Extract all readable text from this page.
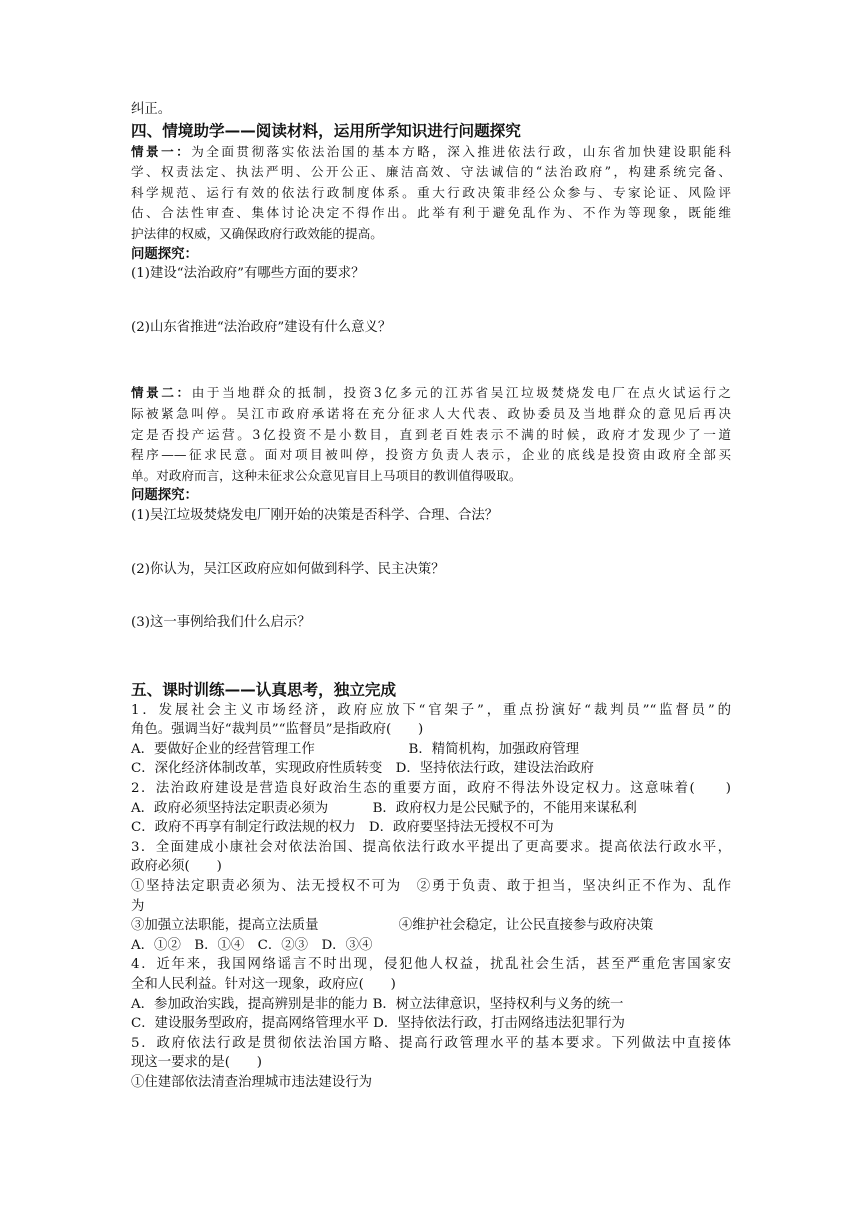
纠正。

四、情境助学——阅读材料，运用所学知识进行问题探究

情景一：为全面贯彻落实依法治国的基本方略，深入推进依法行政，山东省加快建设职能科

学、权责法定、执法严明、公开公正、廉洁高效、守法诚信的“法治政府”，构建系统完备、

科学规范、运行有效的依法行政制度体系。重大行政决策非经公众参与、专家论证、风险评

估、合法性审查、集体讨论决定不得作出。此举有利于避免乱作为、不作为等现象，既能维

护法律的权威，又确保政府行政效能的提高。

问题探究：

(1)建设“法治政府”有哪些方面的要求？

(2)山东省推进“法治政府”建设有什么意义？

情景二：由于当地群众的抵制，投资3亿多元的江苏省吴江垃圾焚烧发电厂在点火试运行之

际被紧急叫停。吴江市政府承诺将在充分征求人大代表、政协委员及当地群众的意见后再决

定是否投产运营。3亿投资不是小数目，直到老百姓表示不满的时候，政府才发现少了一道

程序——征求民意。面对项目被叫停，投资方负责人表示，企业的底线是投资由政府全部买

单。对政府而言，这种未征求公众意见盲目上马项目的教训值得吸取。

问题探究：

(1)吴江垃圾焚烧发电厂刚开始的决策是否科学、合理、合法？

(2)你认为，吴江区政府应如何做到科学、民主决策？

(3)这一事例给我们什么启示？

五、课时训练——认真思考，独立完成

1．发展社会主义市场经济，政府应放下“官架子”，重点扮演好“裁判员”“监督员”的

角色。强调当好“裁判员”“监督员”是指政府(　　)

A．要做好企业的经营管理工作　　　　　　　B．精简机构，加强政府管理

C．深化经济体制改革，实现政府性质转变　D．坚持依法行政，建设法治政府

2．法治政府建设是营造良好政治生态的重要方面，政府不得法外设定权力。这意味着(　　)

A．政府必须坚持法定职责必须为　　　 B．政府权力是公民赋予的，不能用来谋私利

C．政府不再享有制定行政法规的权力　D．政府要坚持法无授权不可为

3．全面建成小康社会对依法治国、提高依法行政水平提出了更高要求。提高依法行政水平，

政府必须(　　)

①坚持法定职责必须为、法无授权不可为　②勇于负责、敢于担当，坚决纠正不作为、乱作

为

③加强立法职能，提高立法质量　　　　　　④维护社会稳定，让公民直接参与政府决策

A．①②　B．①④　C．②③　D．③④

4．近年来，我国网络谣言不时出现，侵犯他人权益，扰乱社会生活，甚至严重危害国家安

全和人民利益。针对这一现象，政府应(　　)

A．参加政治实践，提高辨别是非的能力 B．树立法律意识，坚持权利与义务的统一

C．建设服务型政府，提高网络管理水平 D．坚持依法行政，打击网络违法犯罪行为

5．政府依法行政是贯彻依法治国方略、提高行政管理水平的基本要求。下列做法中直接体

现这一要求的是(　　)

①住建部依法清查治理城市违法建设行为
